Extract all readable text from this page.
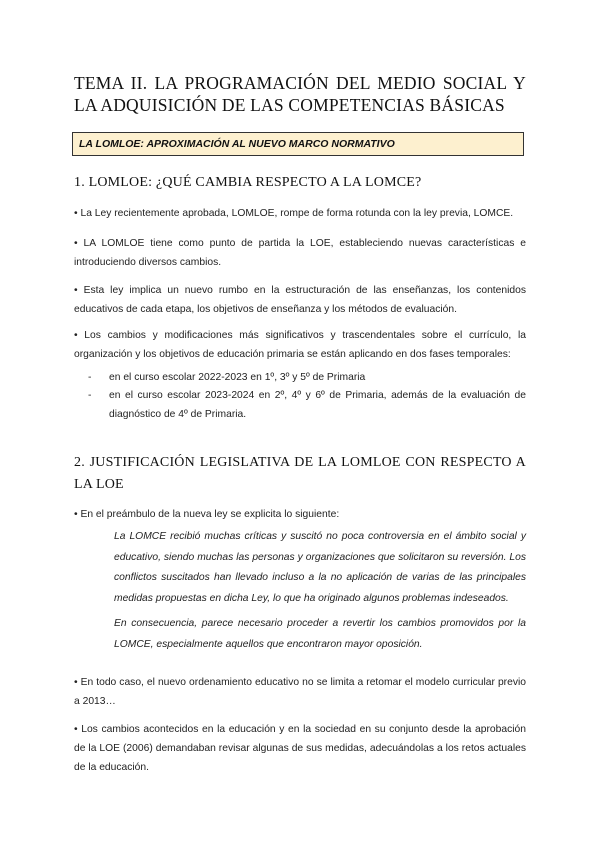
TEMA II. LA PROGRAMACIÓN DEL MEDIO SOCIAL Y LA ADQUISICIÓN DE LAS COMPETENCIAS BÁSICAS
LA LOMLOE: APROXIMACIÓN AL NUEVO MARCO NORMATIVO
1. LOMLOE: ¿QUÉ CAMBIA RESPECTO A LA LOMCE?

• La Ley recientemente aprobada, LOMLOE, rompe de forma rotunda con la ley previa, LOMCE.

• LA LOMLOE tiene como punto de partida la LOE, estableciendo nuevas características e introduciendo diversos cambios.

• Esta ley implica un nuevo rumbo en la estructuración de las enseñanzas, los contenidos educativos de cada etapa, los objetivos de enseñanza y los métodos de evaluación.

• Los cambios y modificaciones más significativos y trascendentales sobre el currículo, la organización y los objetivos de educación primaria se están aplicando en dos fases temporales:

- en el curso escolar 2022-2023 en 1º, 3º y 5º de Primaria
- en el curso escolar 2023-2024 en 2º, 4º y 6º de Primaria, además de la evaluación de diagnóstico de 4º de Primaria.
2. JUSTIFICACIÓN LEGISLATIVA DE LA LOMLOE CON RESPECTO A LA LOE

• En el preámbulo de la nueva ley se explicita lo siguiente:

La LOMCE recibió muchas críticas y suscitó no poca controversia en el ámbito social y educativo, siendo muchas las personas y organizaciones que solicitaron su reversión. Los conflictos suscitados han llevado incluso a la no aplicación de varias de las principales medidas propuestas en dicha Ley, lo que ha originado algunos problemas indeseados.

En consecuencia, parece necesario proceder a revertir los cambios promovidos por la LOMCE, especialmente aquellos que encontraron mayor oposición.

• En todo caso, el nuevo ordenamiento educativo no se limita a retomar el modelo curricular previo a 2013…

• Los cambios acontecidos en la educación y en la sociedad en su conjunto desde la aprobación de la LOE (2006) demandaban revisar algunas de sus medidas, adecuándolas a los retos actuales de la educación.
